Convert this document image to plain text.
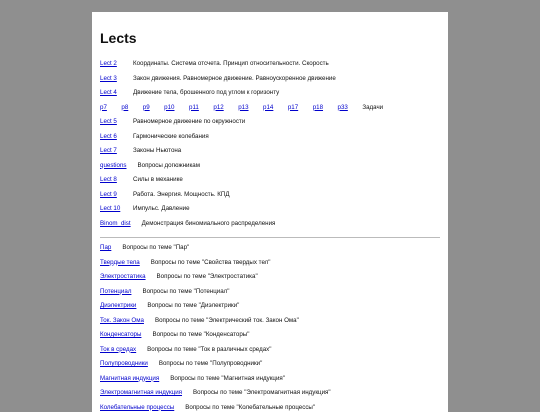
Lects
Lect 2	Координаты. Система отсчета. Принцип относительности. Скорость
Lect 3	Закон движения. Равномерное движение. Равноускоренное движение
Lect 4	Движение тела, брошенного под углом к горизонту
p7 p8 p9 p10 p11 p12 p13 p14 p17 p18 p33 Задачи
Lect 5	Равномерное движение по окружности
Lect 6	Гармонические колебания
Lect 7	Законы Ньютона
questions Вопросы догюжникам
Lect 8	Силы в механике
Lect 9	Работа. Энергия. Мощность. КПД
Lect 10	Импульс. Давление
Binom_dist Демонстрация биномиального распределения
Пар Вопросы по теме "Пар"
Твердые тела Вопросы по теме "Свойства твердых тел"
Электростатика Вопросы по теме "Электростатика"
Потенциал Вопросы по теме "Потенциал"
Диэлектрики Вопросы по теме "Диэлектрики"
Ток. Закон Ома Вопросы по теме "Электрический ток. Закон Ома"
Конденсаторы Вопросы по теме "Конденсаторы"
Ток в средах Вопросы по теме "Ток в различных средах"
Полупроводники Вопросы по теме "Полупроводники"
Магнитная индукция Вопросы по теме "Магнитная индукция"
Электромагнитная индукция Вопросы по теме "Электромагнитная индукция"
Колебательные процессы Вопросы по теме "Колебательные процессы"
